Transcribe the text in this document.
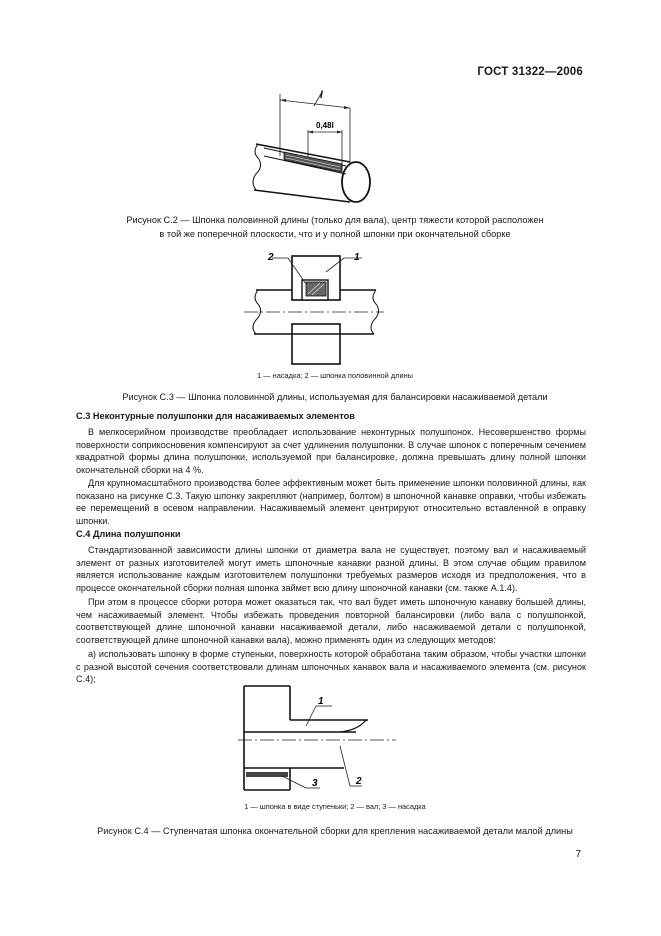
ГОСТ 31322—2006
l
0,48l
Рисунок С.2 — Шпонка половинной длины (только для вала), центр тяжести которой расположен
в той же поперечной плоскости, что и у полной шпонки при окончательной сборке
2	1
1 — насадка; 2 — шпонка половинной длины
Рисунок С.3 — Шпонка половинной длины, используемая для балансировки насаживаемой детали
С.3 Неконтурные полушпонки для насаживаемых элементов

В мелкосерийном производстве преобладает использование неконтурных полушпонок. Несовершенство формы поверхности соприкосновения компенсируют за счет удлинения полушпонки. В случае шпонок с поперечным сечением квадратной формы длина полушпонки, используемой при балансировке, должна превышать длину полной шпонки окончательной сборки на 4 %.

Для крупномасштабного производства более эффективным может быть применение шпонки половинной длины, как показано на рисунке С.3. Такую шпонку закрепляют (например, болтом) в шпоночной канавке оправки, чтобы избежать ее перемещений в осевом направлении. Насаживаемый элемент центрируют относительно вставленной в оправку шпонки.

С.4 Длина полушпонки

Стандартизованной зависимости длины шпонки от диаметра вала не существует, поэтому вал и насаживаемый элемент от разных изготовителей могут иметь шпоночные канавки разной длины. В этом случае общим правилом является использование каждым изготовителем полушпонки требуемых размеров исходя из предположения, что в процессе окончательной сборки полная шпонка займет всю длину шпоночной канавки (см. также А.1.4).

При этом в процессе сборки ротора может оказаться так, что вал будет иметь шпоночную канавку большей длины, чем насаживаемый элемент. Чтобы избежать проведения повторной балансировки (либо вала с полушпонкой, соответствующей длине шпоночной канавки насаживаемой детали, либо насаживаемой детали с полушпонкой, соответствующей длине шпоночной канавки вала), можно применять один из следующих методов:

а) использовать шпонку в форме ступеньки, поверхность которой обработана таким образом, чтобы участки шпонки с разной высотой сечения соответствовали длинам шпоночных канавок вала и насаживаемого элемента (см. рисунок С.4);

1
2
3
1 — шпонка в виде ступеньки; 2 — вал; 3 — насадка
Рисунок С.4 — Ступенчатая шпонка окончательной сборки для крепления насаживаемой детали малой длины
7
